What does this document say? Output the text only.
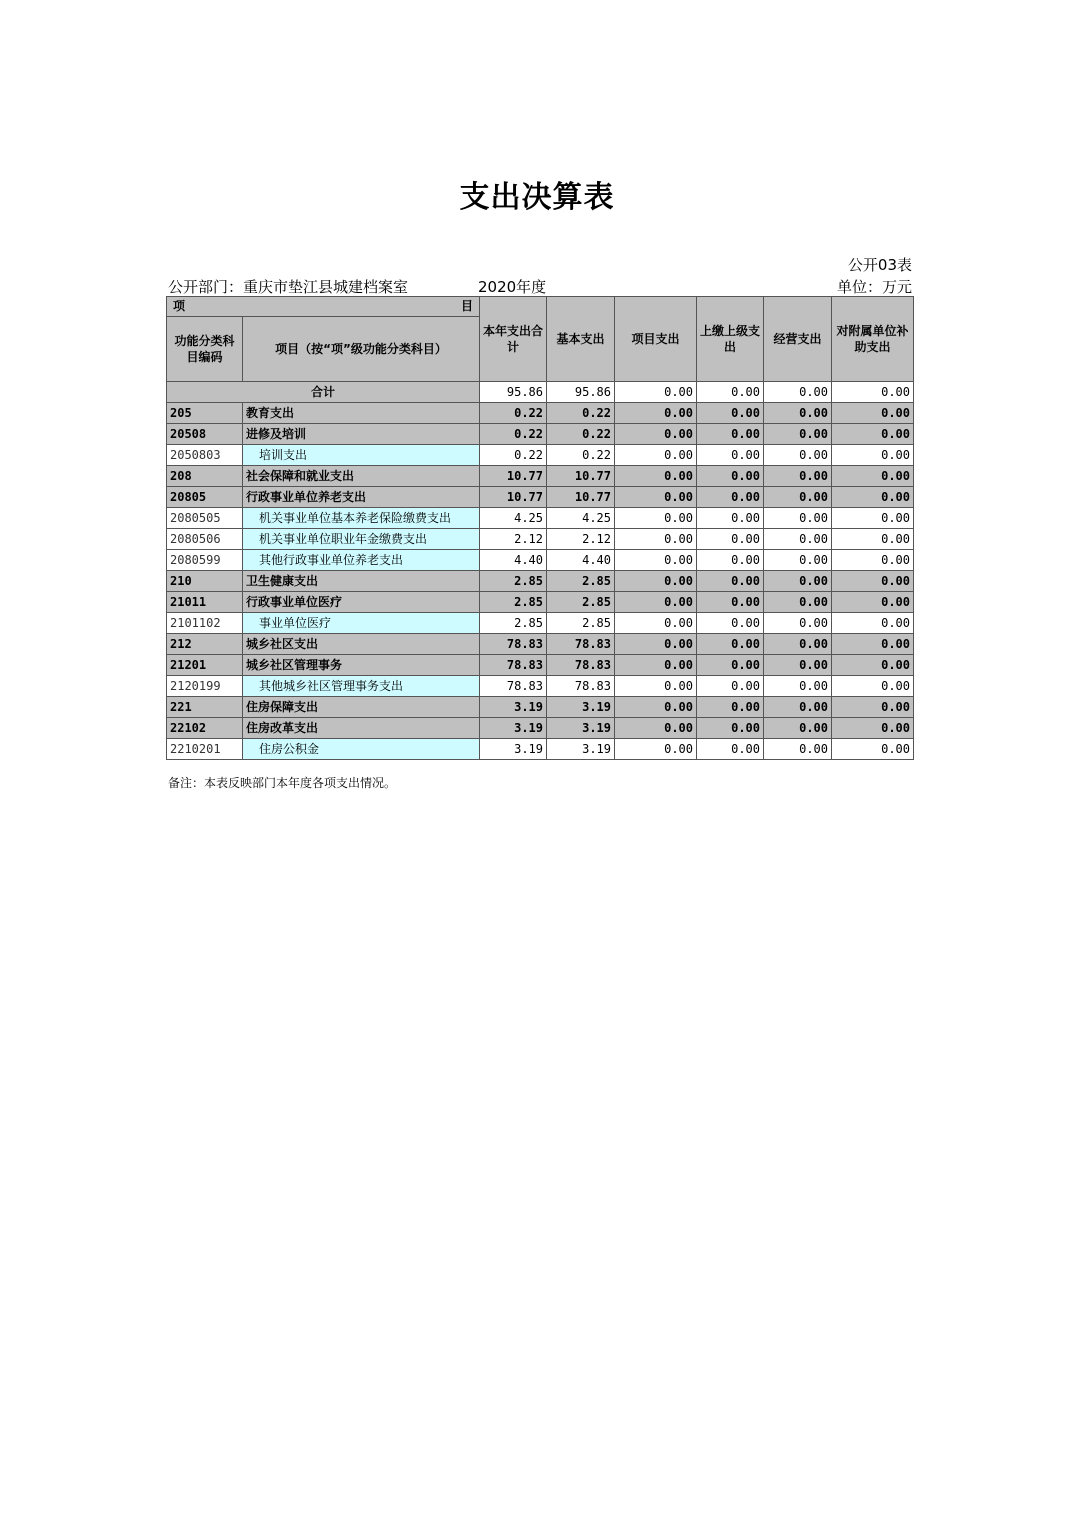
支出决算表
公开03表
公开部门：重庆市垫江县城建档案室	2020年度	单位：万元
项 目		本年支出合计	基本支出	项目支出	上缴上级支出	经营支出	对附属单位补助支出
功能分类科目编码	项目（按“项”级功能分类科目）						
合计		95.86	95.86	0.00	0.00	0.00	0.00
205	教育支出	0.22	0.22	0.00	0.00	0.00	0.00
20508	进修及培训	0.22	0.22	0.00	0.00	0.00	0.00
2050803	培训支出	0.22	0.22	0.00	0.00	0.00	0.00
208	社会保障和就业支出	10.77	10.77	0.00	0.00	0.00	0.00
20805	行政事业单位养老支出	10.77	10.77	0.00	0.00	0.00	0.00
2080505	机关事业单位基本养老保险缴费支出	4.25	4.25	0.00	0.00	0.00	0.00
2080506	机关事业单位职业年金缴费支出	2.12	2.12	0.00	0.00	0.00	0.00
2080599	其他行政事业单位养老支出	4.40	4.40	0.00	0.00	0.00	0.00
210	卫生健康支出	2.85	2.85	0.00	0.00	0.00	0.00
21011	行政事业单位医疗	2.85	2.85	0.00	0.00	0.00	0.00
2101102	事业单位医疗	2.85	2.85	0.00	0.00	0.00	0.00
212	城乡社区支出	78.83	78.83	0.00	0.00	0.00	0.00
21201	城乡社区管理事务	78.83	78.83	0.00	0.00	0.00	0.00
2120199	其他城乡社区管理事务支出	78.83	78.83	0.00	0.00	0.00	0.00
221	住房保障支出	3.19	3.19	0.00	0.00	0.00	0.00
22102	住房改革支出	3.19	3.19	0.00	0.00	0.00	0.00
2210201	住房公积金	3.19	3.19	0.00	0.00	0.00	0.00
备注：本表反映部门本年度各项支出情况。
